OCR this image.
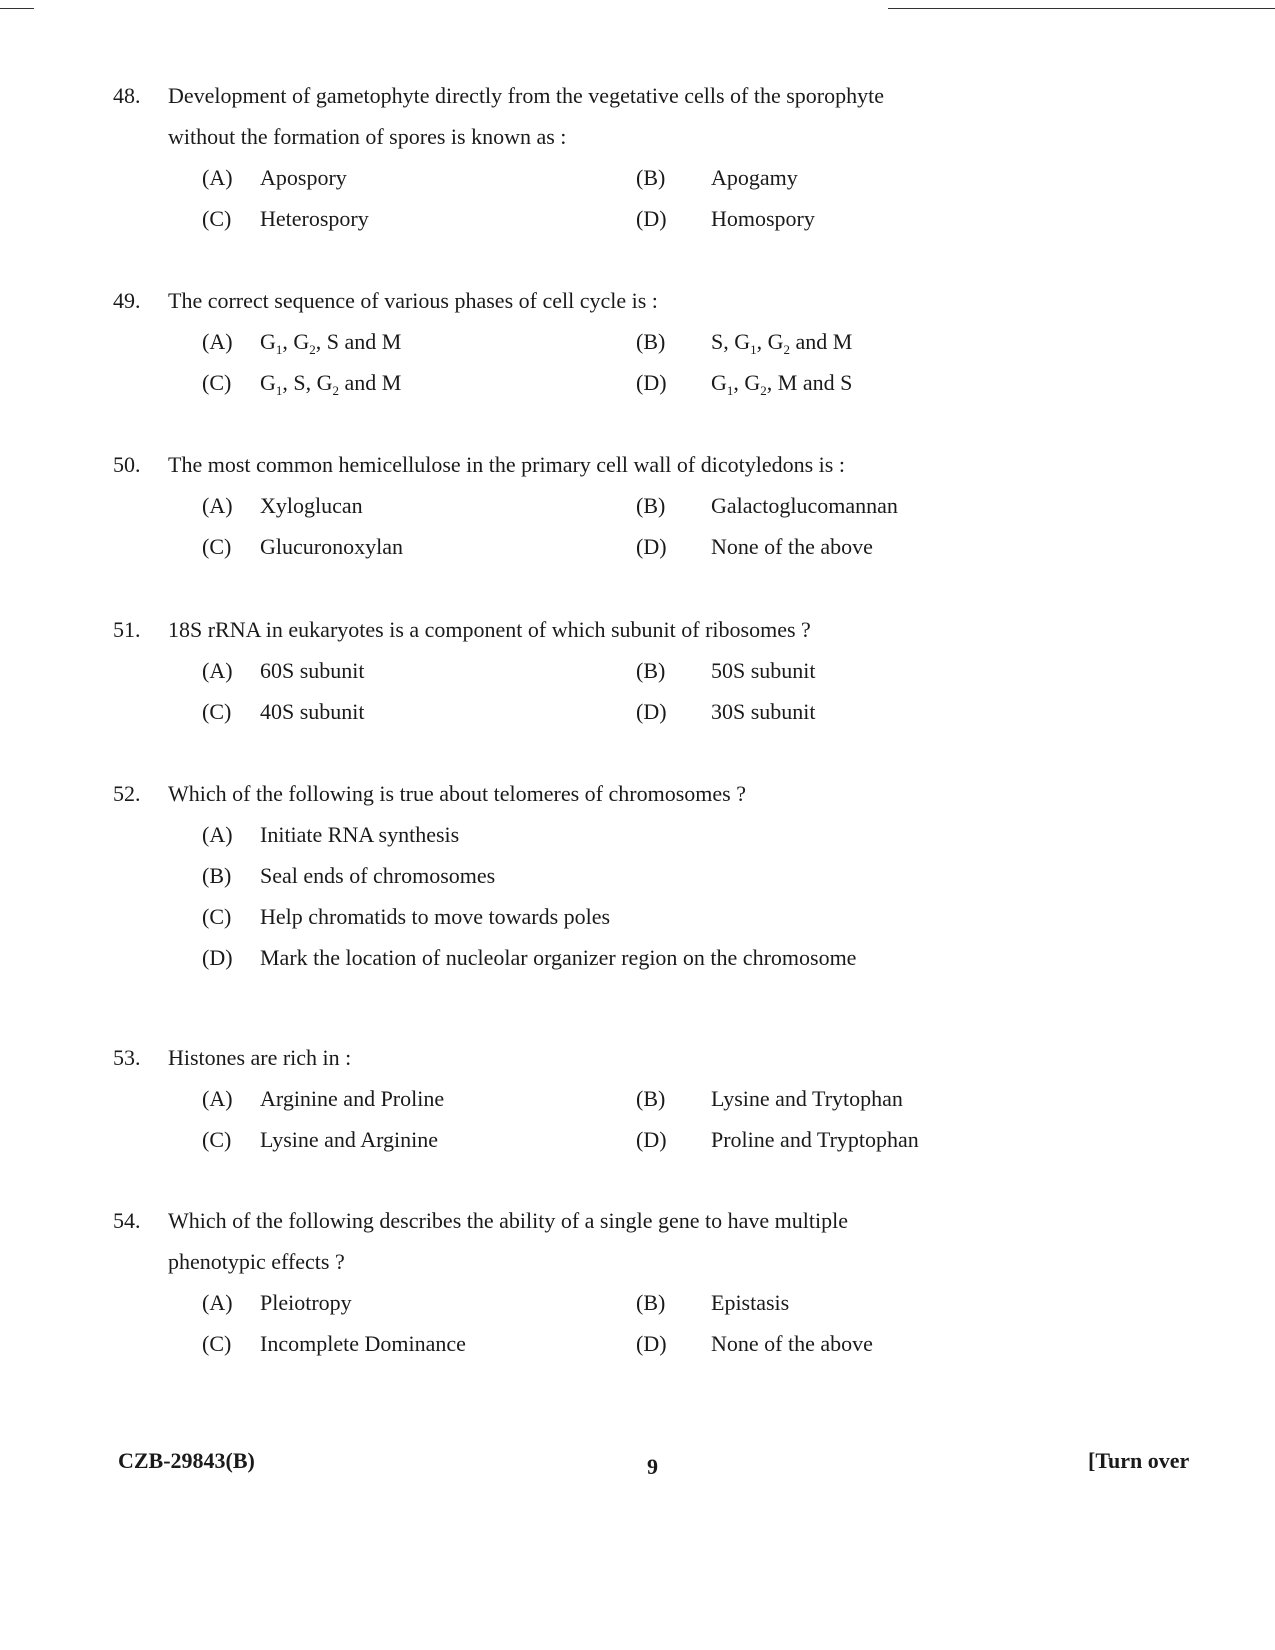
48. Development of gametophyte directly from the vegetative cells of the sporophyte
without the formation of spores is known as :
(A) Apospory	(B) Apogamy
(C) Heterospory	(D) Homospory
49. The correct sequence of various phases of cell cycle is :
(A) $G_1$, $G_2$, S and M	(B) S, $G_1$, $G_2$ and M
(C) $G_1$, S, $G_2$ and M	(D) $G_1$, $G_2$, M and S
50. The most common hemicellulose in the primary cell wall of dicotyledons is :
(A) Xyloglucan	(B) Galactoglucomannan
(C) Glucuronoxylan	(D) None of the above
51. 18S rRNA in eukaryotes is a component of which subunit of ribosomes ?
(A) 60S subunit	(B) 50S subunit
(C) 40S subunit	(D) 30S subunit
52. Which of the following is true about telomeres of chromosomes ?
(A) Initiate RNA synthesis
(B) Seal ends of chromosomes
(C) Help chromatids to move towards poles
(D) Mark the location of nucleolar organizer region on the chromosome
53. Histones are rich in :
(A) Arginine and Proline	(B) Lysine and Trytophan
(C) Lysine and Arginine	(D) Proline and Tryptophan
54. Which of the following describes the ability of a single gene to have multiple
phenotypic effects ?
(A) Pleiotropy	(B) Epistasis
(C) Incomplete Dominance	(D) None of the above
CZB-29843(B)	9	[Turn over
